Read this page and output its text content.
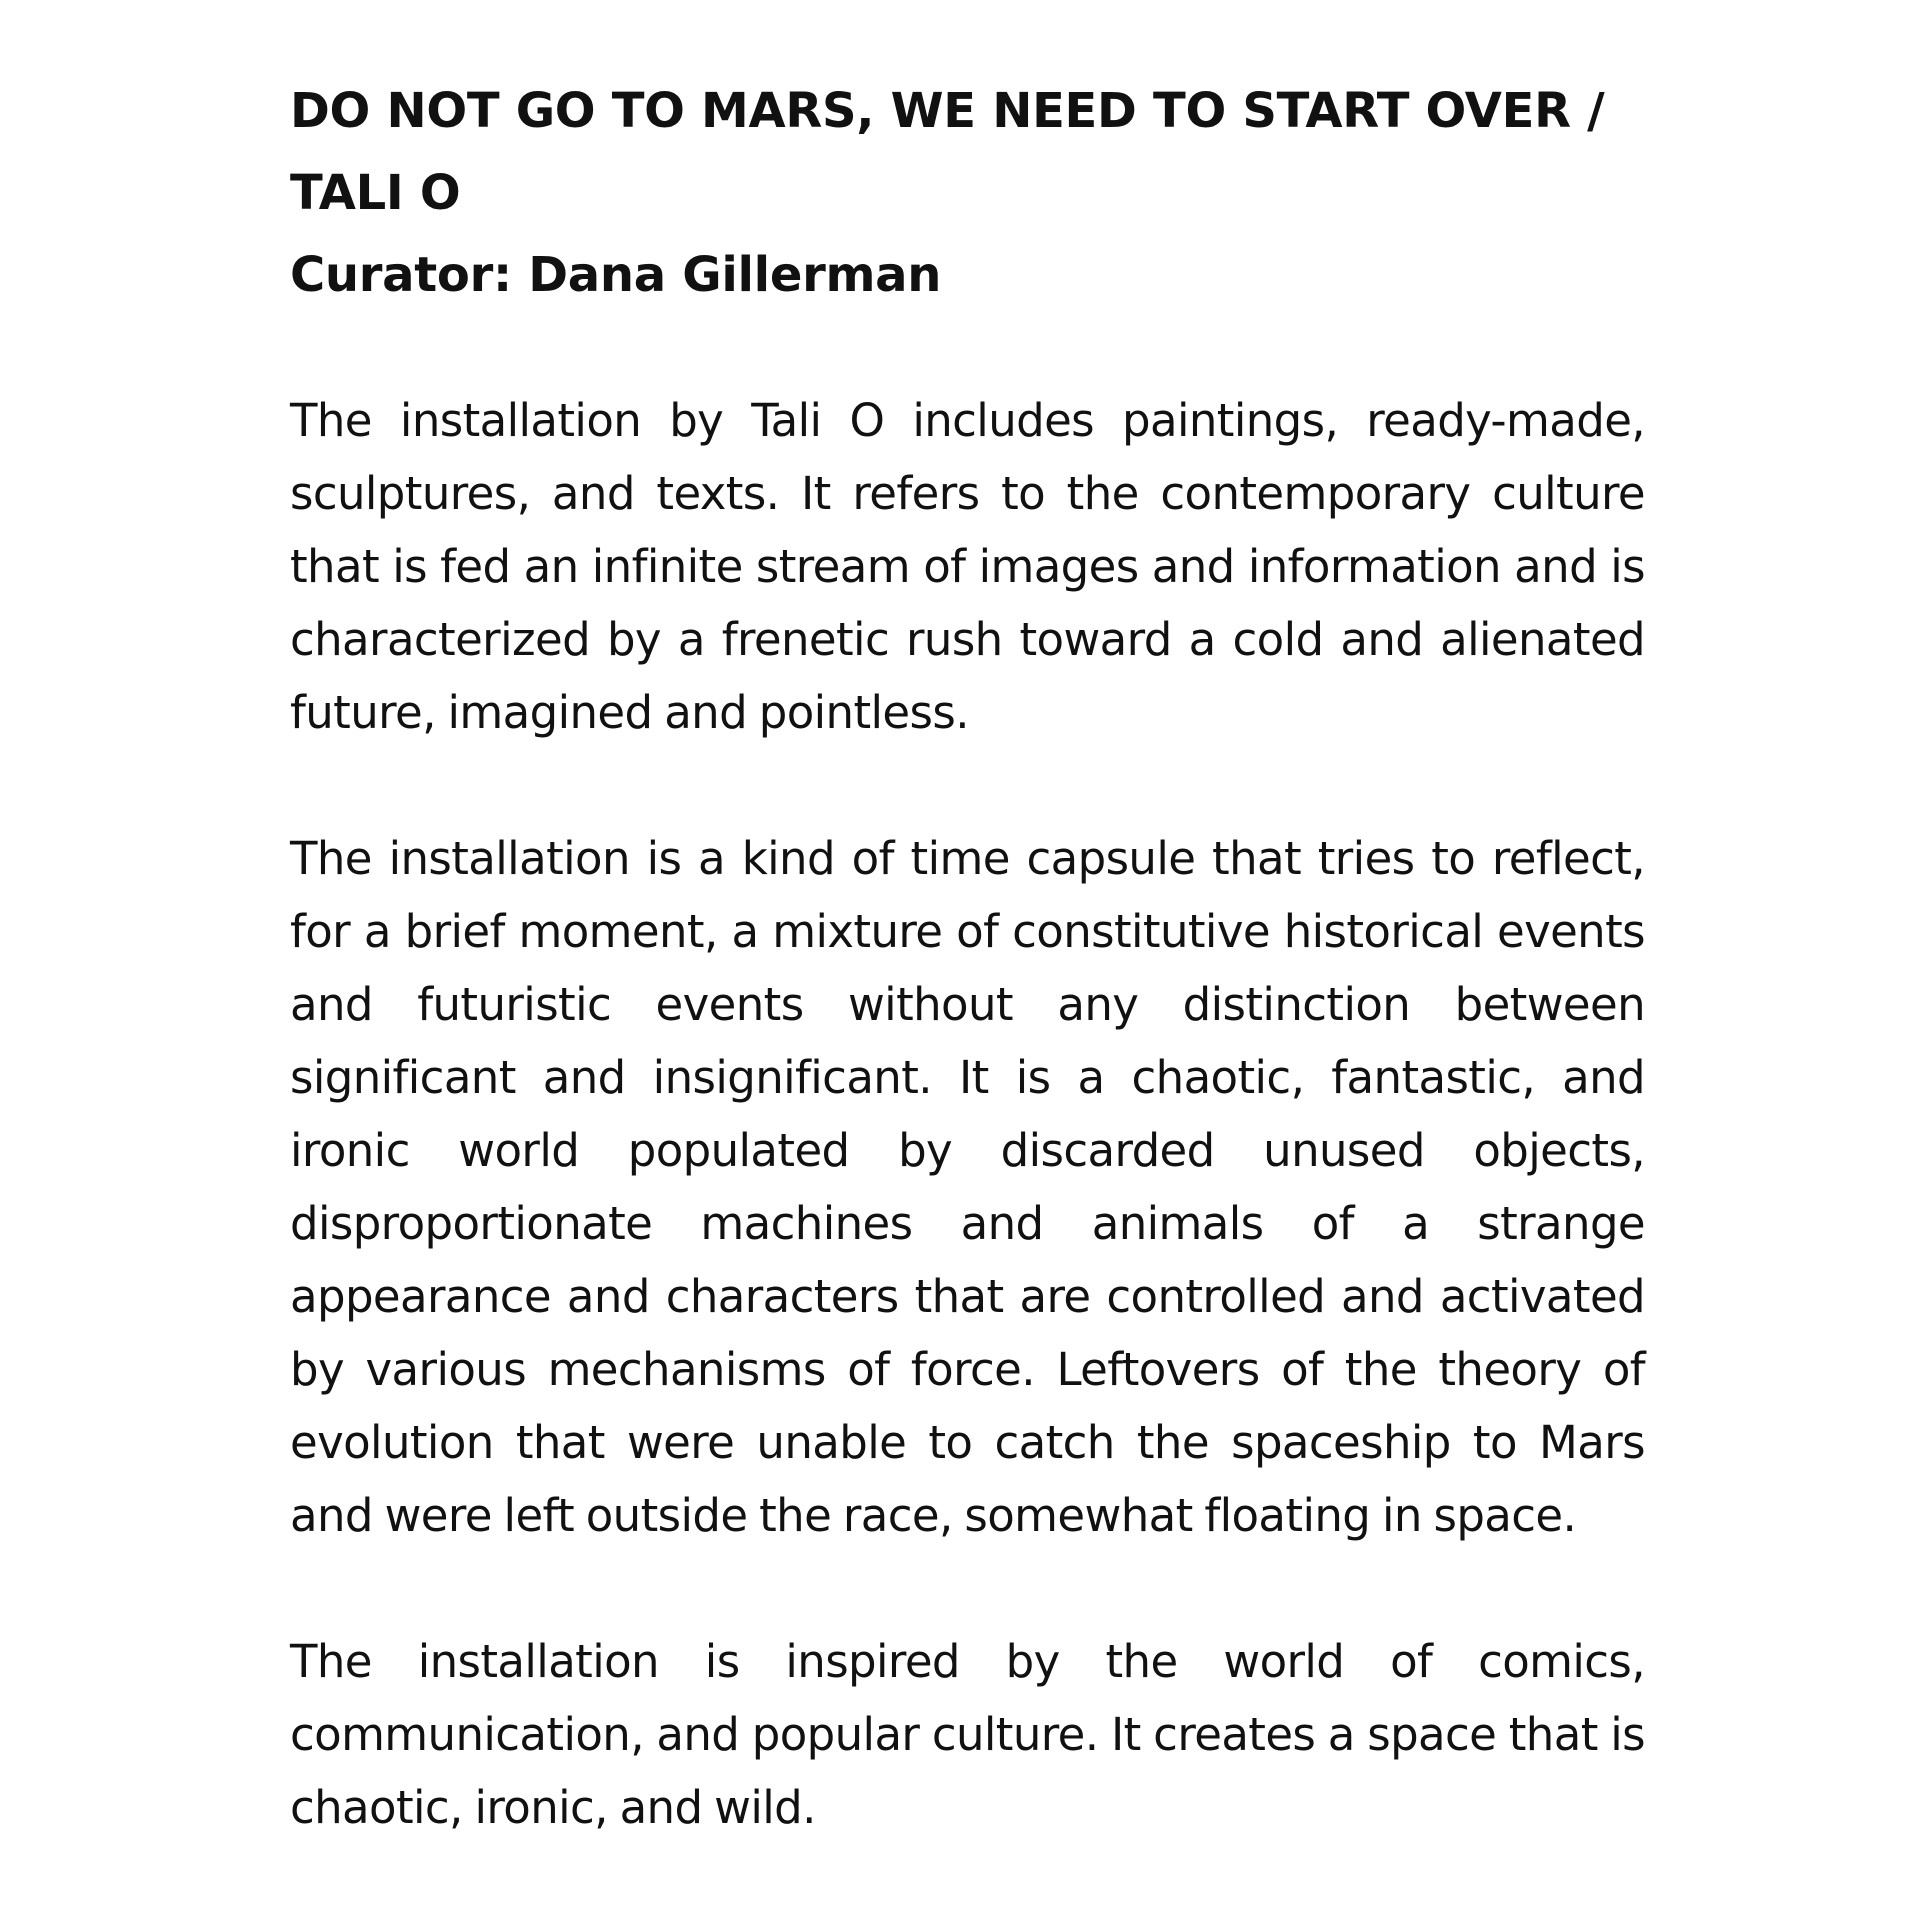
DO NOT GO TO MARS, WE NEED TO START OVER /
TALI O
Curator: Dana Gillerman

The installation by Tali O includes paintings, ready-made, sculptures, and texts. It refers to the contemporary culture that is fed an infinite stream of images and information and is characterized by a frenetic rush toward a cold and alienated future, imagined and pointless.

The installation is a kind of time capsule that tries to reflect, for a brief moment, a mixture of constitutive historical events and futuristic events without any distinction between significant and insignificant. It is a chaotic, fantastic, and ironic world populated by discarded unused objects, disproportionate machines and animals of a strange appearance and characters that are controlled and activated by various mechanisms of force. Leftovers of the theory of evolution that were unable to catch the spaceship to Mars and were left outside the race, somewhat floating in space.

The installation is inspired by the world of comics, communication, and popular culture. It creates a space that is chaotic, ironic, and wild.
